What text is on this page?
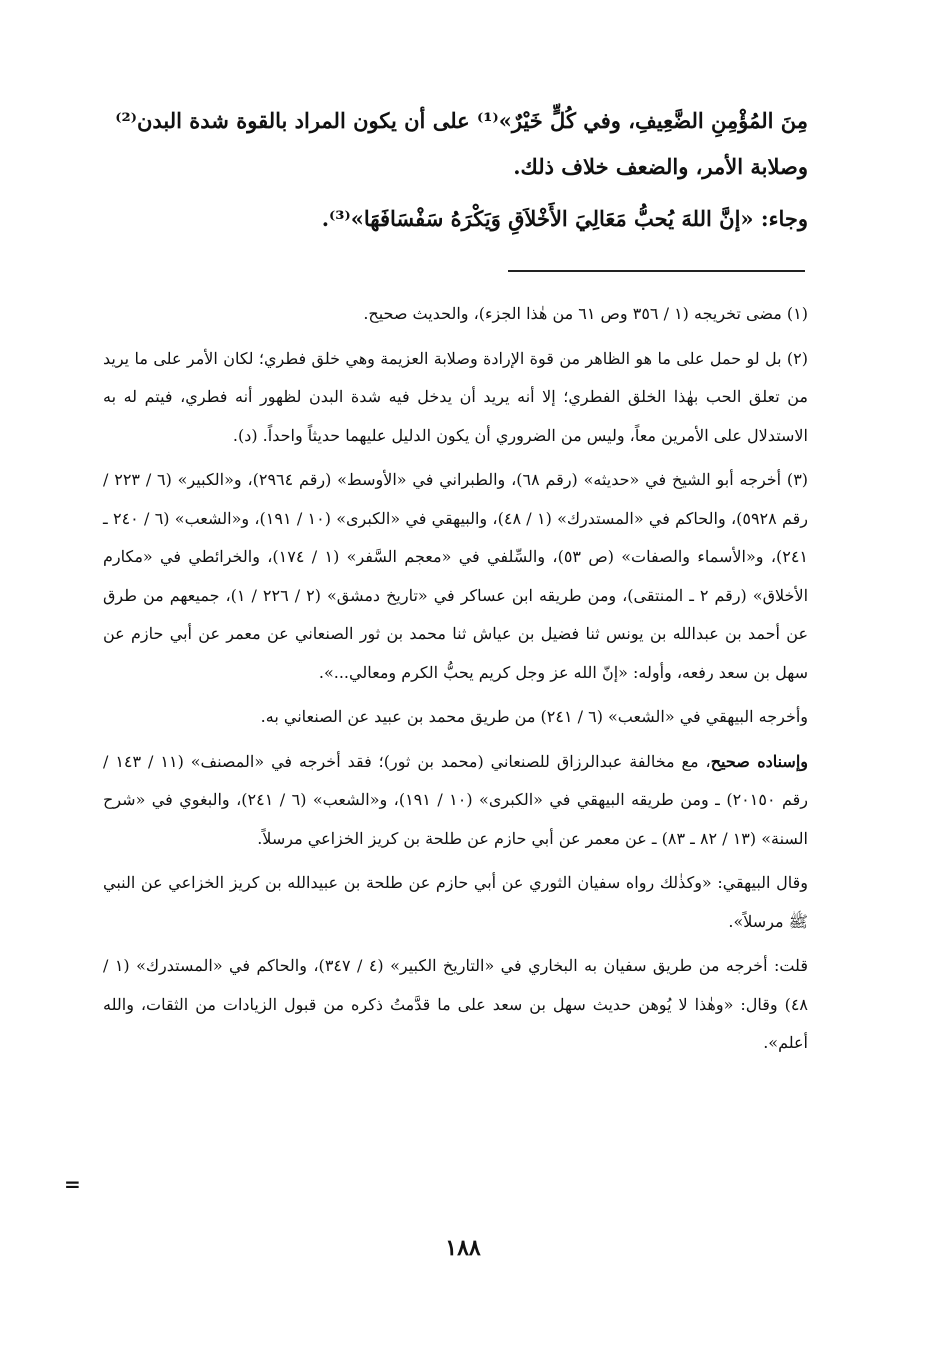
مِنَ المُؤْمِنِ الضَّعِيفِ، وفي كُلٍّ خَيْرٌ»⁽¹⁾ على أن يكون المراد بالقوة شدة البدن⁽²⁾

وصلابة الأمر، والضعف خلاف ذلك.

وجاء: «إنَّ اللهَ يُحبُّ مَعَالِيَ الأَخْلاَقِ وَيَكْرَهُ سَفْسَافَهَا»⁽³⁾.

(١) مضى تخريجه (١ / ٣٥٦ وص ٦١ من هٰذا الجزء)، والحديث صحيح.

(٢) بل لو حمل على ما هو الظاهر من قوة الإرادة وصلابة العزيمة وهي خلق فطري؛ لكان الأمر على ما يريد من تعلق الحب بهٰذا الخلق الفطري؛ إلا أنه يريد أن يدخل فيه شدة البدن لظهور أنه فطري، فيتم له به الاستدلال على الأمرين معاً، وليس من الضروري أن يكون الدليل عليهما حديثاً واحداً. (د).

(٣) أخرجه أبو الشيخ في «حديثه» (رقم ٦٨)، والطبراني في «الأوسط» (رقم ٢٩٦٤)، و«الكبير» (٦ / ٢٢٣ / رقم ٥٩٢٨)، والحاكم في «المستدرك» (١ / ٤٨)، والبيهقي في «الكبرى» (١٠ / ١٩١)، و«الشعب» (٦ / ٢٤٠ ـ ٢٤١)، و«الأسماء والصفات» (ص ٥٣)، والسِّلفي في «معجم السَّفر» (١ / ١٧٤)، والخرائطي في «مكارم الأخلاق» (رقم ٢ ـ المنتقى)، ومن طريقه ابن عساكر في «تاريخ دمشق» (٢ / ٢٢٦ / ١)، جميعهم من طرق عن أحمد بن عبدالله بن يونس ثنا فضيل بن عياش ثنا محمد بن ثور الصنعاني عن معمر عن أبي حازم عن سهل بن سعد رفعه، وأوله: «إنّ الله عز وجل كريم يحبُّ الكرم ومعالي...».

وأخرجه البيهقي في «الشعب» (٦ / ٢٤١) من طريق محمد بن عبيد عن الصنعاني به.

وإسناده صحيح، مع مخالفة عبدالرزاق للصنعاني (محمد بن ثور)؛ فقد أخرجه في «المصنف» (١١ / ١٤٣ / رقم ٢٠١٥٠) ـ ومن طريقه البيهقي في «الكبرى» (١٠ / ١٩١)، و«الشعب» (٦ / ٢٤١)، والبغوي في «شرح السنة» (١٣ / ٨٢ ـ ٨٣) ـ عن معمر عن أبي حازم عن طلحة بن كريز الخزاعي مرسلاً.

وقال البيهقي: «وكذٰلك رواه سفيان الثوري عن أبي حازم عن طلحة بن عبيدالله بن كريز الخزاعي عن النبي ﷺ مرسلاً».

قلت: أخرجه من طريق سفيان به البخاري في «التاريخ الكبير» (٤ / ٣٤٧)، والحاكم في «المستدرك» (١ / ٤٨) وقال: «وهٰذا لا يُوهن حديث سهل بن سعد على ما قدَّمتُ ذكره من قبول الزيادات من الثقات، والله أعلم».

=
١٨٨
